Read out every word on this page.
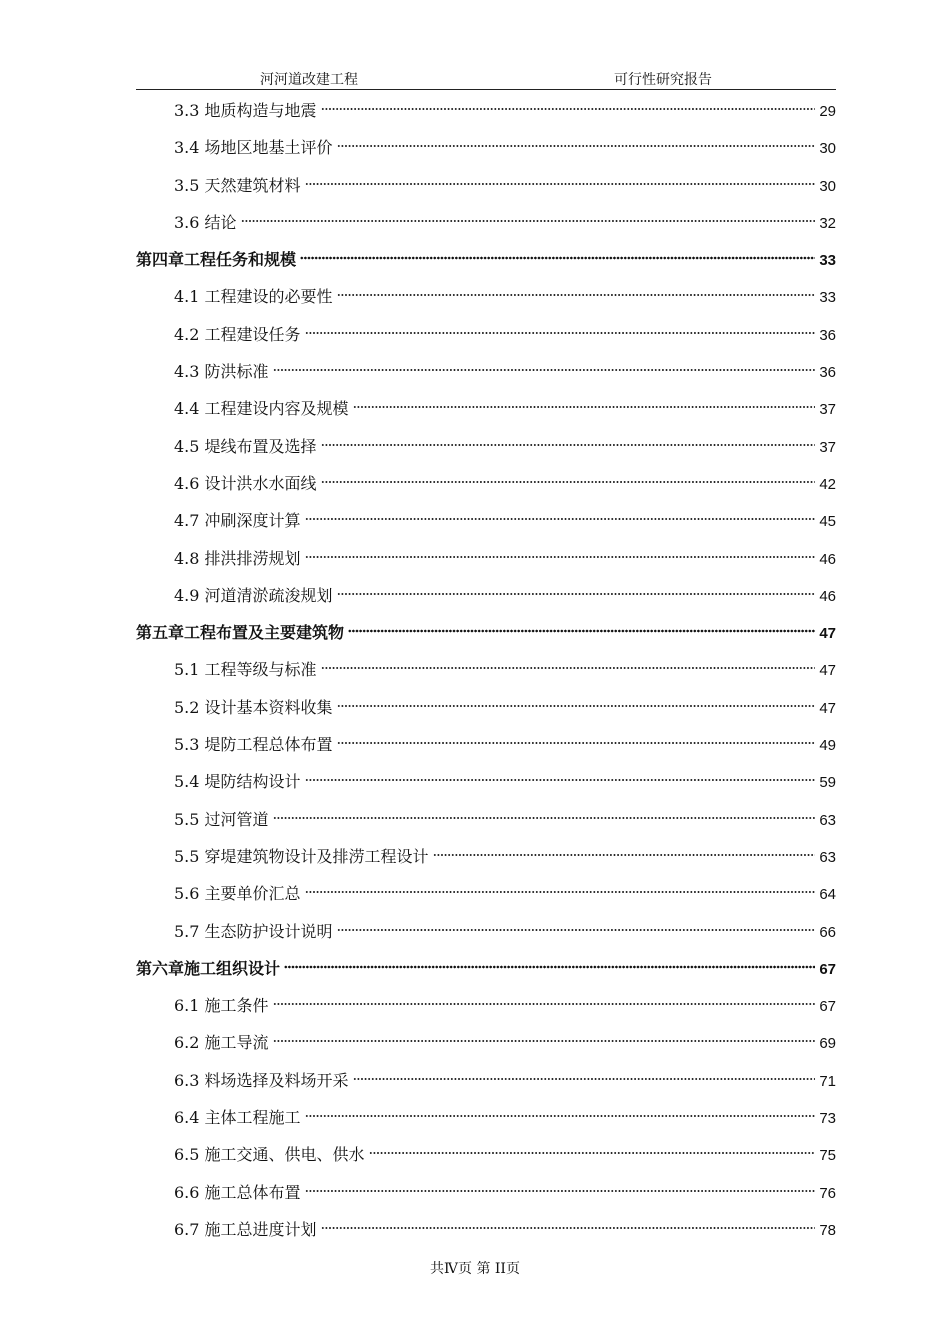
河河道改建工程	可行性研究报告
3.3 地质构造与地震	29
3.4 场地区地基土评价	30
3.5 天然建筑材料	30
3.6 结论	32
第四章工程任务和规模	33
4.1 工程建设的必要性	33
4.2 工程建设任务	36
4.3 防洪标准	36
4.4 工程建设内容及规模	37
4.5 堤线布置及选择	37
4.6 设计洪水水面线	42
4.7 冲刷深度计算	45
4.8 排洪排涝规划	46
4.9 河道清淤疏浚规划	46
第五章工程布置及主要建筑物	47
5.1 工程等级与标准	47
5.2 设计基本资料收集	47
5.3 堤防工程总体布置	49
5.4 堤防结构设计	59
5.5 过河管道	63
5.5 穿堤建筑物设计及排涝工程设计	63
5.6 主要单价汇总	64
5.7 生态防护设计说明	66
第六章施工组织设计	67
6.1 施工条件	67
6.2 施工导流	69
6.3 料场选择及料场开采	71
6.4 主体工程施工	73
6.5 施工交通、供电、供水	75
6.6 施工总体布置	76
6.7 施工总进度计划	78
共Ⅳ页 第 II页
